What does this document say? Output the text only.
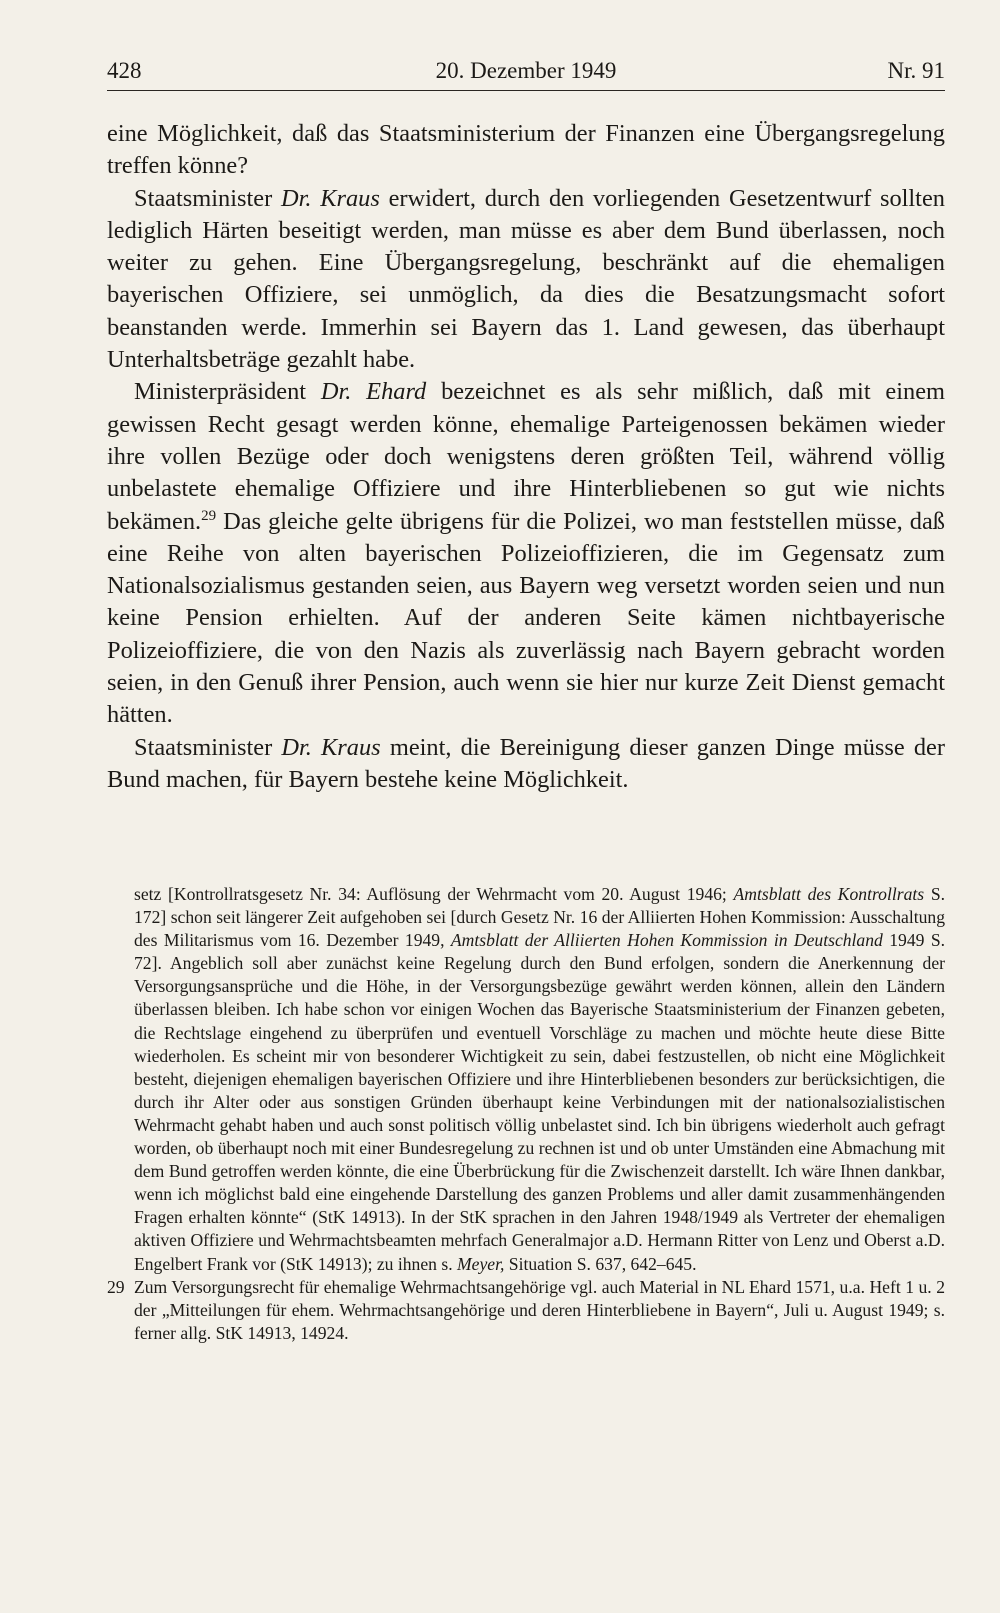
428	20. Dezember 1949	Nr. 91

eine Möglichkeit, daß das Staatsministerium der Finanzen eine Übergangsregelung treffen könne?

Staatsminister Dr. Kraus erwidert, durch den vorliegenden Gesetzentwurf sollten lediglich Härten beseitigt werden, man müsse es aber dem Bund überlassen, noch weiter zu gehen. Eine Übergangsregelung, beschränkt auf die ehemaligen bayerischen Offiziere, sei unmöglich, da dies die Besatzungsmacht sofort beanstanden werde. Immerhin sei Bayern das 1. Land gewesen, das überhaupt Unterhaltsbeträge gezahlt habe.

Ministerpräsident Dr. Ehard bezeichnet es als sehr mißlich, daß mit einem gewissen Recht gesagt werden könne, ehemalige Parteigenossen bekämen wieder ihre vollen Bezüge oder doch wenigstens deren größten Teil, während völlig unbelastete ehemalige Offiziere und ihre Hinterbliebenen so gut wie nichts bekämen.$^{29}$ Das gleiche gelte übrigens für die Polizei, wo man feststellen müsse, daß eine Reihe von alten bayerischen Polizeioffizieren, die im Gegensatz zum Nationalsozialismus gestanden seien, aus Bayern weg versetzt worden seien und nun keine Pension erhielten. Auf der anderen Seite kämen nichtbayerische Polizeioffiziere, die von den Nazis als zuverlässig nach Bayern gebracht worden seien, in den Genuß ihrer Pension, auch wenn sie hier nur kurze Zeit Dienst gemacht hätten.

Staatsminister Dr. Kraus meint, die Bereinigung dieser ganzen Dinge müsse der Bund machen, für Bayern bestehe keine Möglichkeit.

setz [Kontrollratsgesetz Nr. 34: Auflösung der Wehrmacht vom 20. August 1946; Amtsblatt des Kontrollrats S. 172] schon seit längerer Zeit aufgehoben sei [durch Gesetz Nr. 16 der Alliierten Hohen Kommission: Ausschaltung des Militarismus vom 16. Dezember 1949, Amtsblatt der Alliierten Hohen Kommission in Deutschland 1949 S. 72]. Angeblich soll aber zunächst keine Regelung durch den Bund erfolgen, sondern die Anerkennung der Versorgungsansprüche und die Höhe, in der Versorgungsbezüge gewährt werden können, allein den Ländern überlassen bleiben. Ich habe schon vor einigen Wochen das Bayerische Staatsministerium der Finanzen gebeten, die Rechtslage eingehend zu überprüfen und eventuell Vorschläge zu machen und möchte heute diese Bitte wiederholen. Es scheint mir von besonderer Wichtigkeit zu sein, dabei festzustellen, ob nicht eine Möglichkeit besteht, diejenigen ehemaligen bayerischen Offiziere und ihre Hinterbliebenen besonders zur berücksichtigen, die durch ihr Alter oder aus sonstigen Gründen überhaupt keine Verbindungen mit der nationalsozialistischen Wehrmacht gehabt haben und auch sonst politisch völlig unbelastet sind. Ich bin übrigens wiederholt auch gefragt worden, ob überhaupt noch mit einer Bundesregelung zu rechnen ist und ob unter Umständen eine Abmachung mit dem Bund getroffen werden könnte, die eine Überbrückung für die Zwischenzeit darstellt. Ich wäre Ihnen dankbar, wenn ich möglichst bald eine eingehende Darstellung des ganzen Problems und aller damit zusammenhängenden Fragen erhalten könnte“ (StK 14913). In der StK sprachen in den Jahren 1948/1949 als Vertreter der ehemaligen aktiven Offiziere und Wehrmachtsbeamten mehrfach Generalmajor a.D. Hermann Ritter von Lenz und Oberst a.D. Engelbert Frank vor (StK 14913); zu ihnen s. Meyer, Situation S. 637, 642–645.

29 Zum Versorgungsrecht für ehemalige Wehrmachtsangehörige vgl. auch Material in NL Ehard 1571, u.a. Heft 1 u. 2 der „Mitteilungen für ehem. Wehrmachtsangehörige und deren Hinterbliebene in Bayern“, Juli u. August 1949; s. ferner allg. StK 14913, 14924.
